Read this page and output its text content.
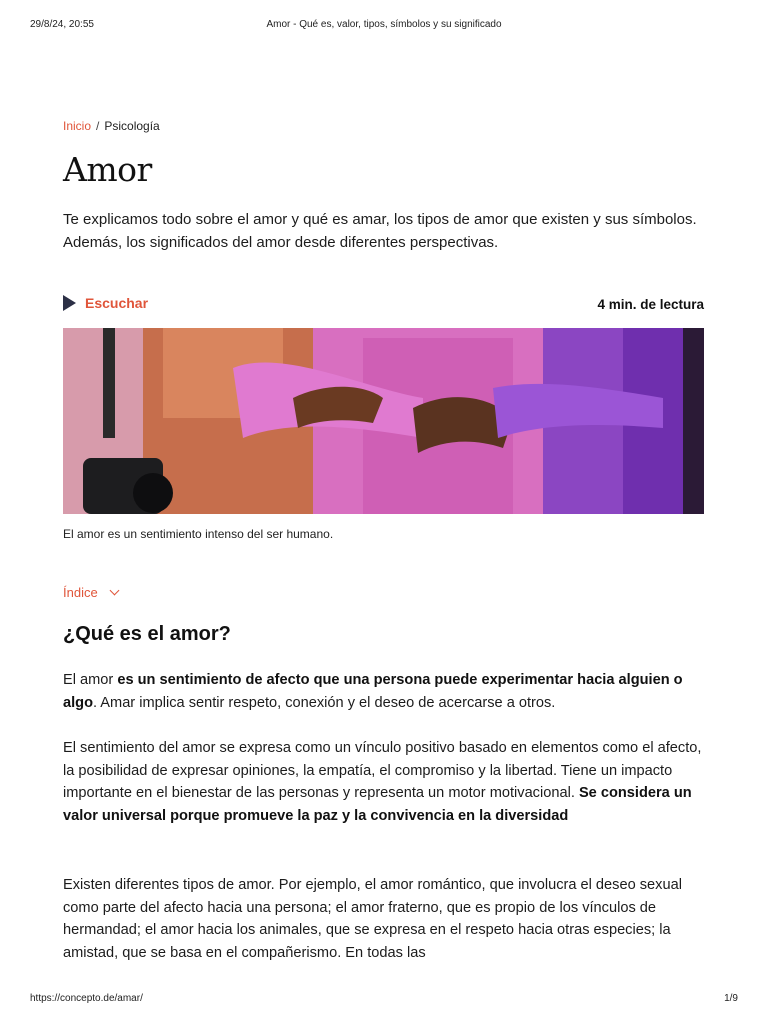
29/8/24, 20:55	Amor - Qué es, valor, tipos, símbolos y su significado
Inicio / Psicología
Amor

Te explicamos todo sobre el amor y qué es amar, los tipos de amor que existen y sus símbolos. Además, los significados del amor desde diferentes perspectivas.

Escuchar	4 min. de lectura
El amor es un sentimiento intenso del ser humano.
Índice
¿Qué es el amor?

El amor es un sentimiento de afecto que una persona puede experimentar hacia alguien o algo. Amar implica sentir respeto, conexión y el deseo de acercarse a otros.

El sentimiento del amor se expresa como un vínculo positivo basado en elementos como el afecto, la posibilidad de expresar opiniones, la empatía, el compromiso y la libertad. Tiene un impacto importante en el bienestar de las personas y representa un motor motivacional. Se considera un valor universal porque promueve la paz y la convivencia en la diversidad

Existen diferentes tipos de amor. Por ejemplo, el amor romántico, que involucra el deseo sexual como parte del afecto hacia una persona; el amor fraterno, que es propio de los vínculos de hermandad; el amor hacia los animales, que se expresa en el respeto hacia otras especies; la amistad, que se basa en el compañerismo. En todas las

https://concepto.de/amar/	1/9
